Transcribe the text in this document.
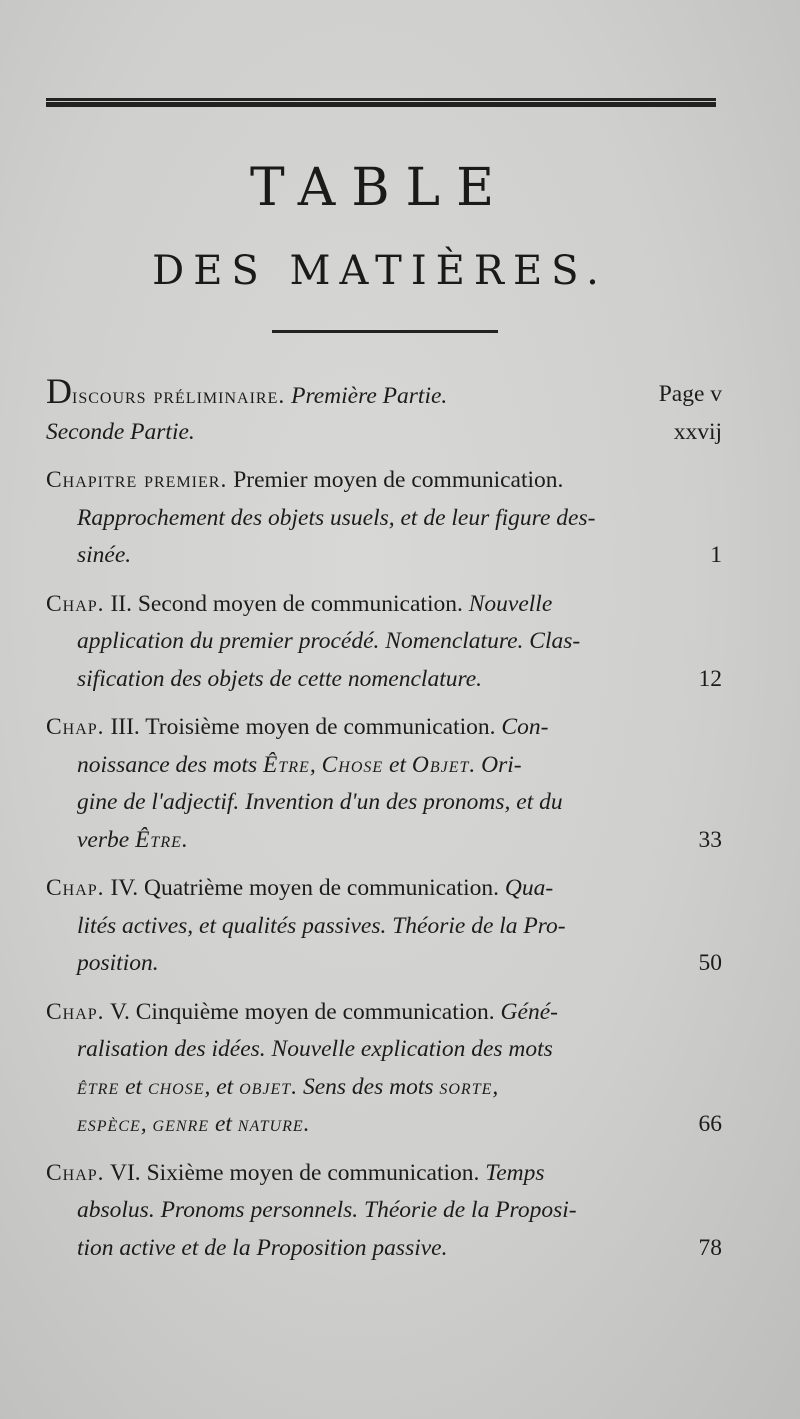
TABLE
DES MATIÈRES.
Discours préliminaire. Première Partie.	Page v
Seconde Partie.	xxvij
Chapitre premier. Premier moyen de communication.
Rapprochement des objets usuels, et de leur figure des-
sinée.	1
Chap. II. Second moyen de communication. Nouvelle
application du premier procédé. Nomenclature. Clas-
sification des objets de cette nomenclature.	12
Chap. III. Troisième moyen de communication. Con-
noissance des mots Être, Chose et Objet. Ori-
gine de l'adjectif. Invention d'un des pronoms, et du
verbe Être.	33
Chap. IV. Quatrième moyen de communication. Qua-
lités actives, et qualités passives. Théorie de la Pro-
position.	50
Chap. V. Cinquième moyen de communication. Géné-
ralisation des idées. Nouvelle explication des mots
être et chose, et objet. Sens des mots sorte,
espèce, genre et nature.	66
Chap. VI. Sixième moyen de communication. Temps
absolus. Pronoms personnels. Théorie de la Proposi-
tion active et de la Proposition passive.	78
